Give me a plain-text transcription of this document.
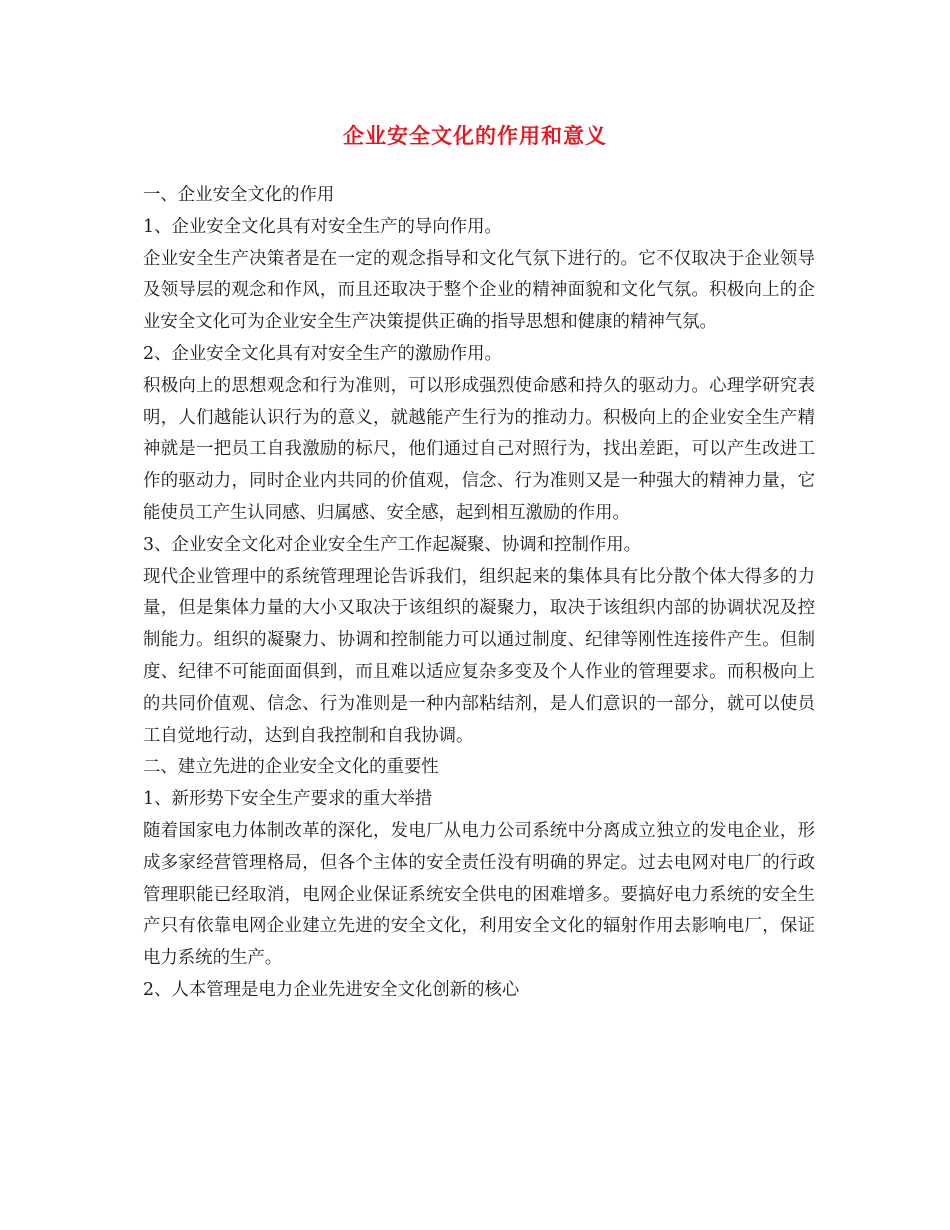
企业安全文化的作用和意义

一、企业安全文化的作用

1、企业安全文化具有对安全生产的导向作用。

企业安全生产决策者是在一定的观念指导和文化气氛下进行的。它不仅取决于企业领导及领导层的观念和作风，而且还取决于整个企业的精神面貌和文化气氛。积极向上的企业安全文化可为企业安全生产决策提供正确的指导思想和健康的精神气氛。

2、企业安全文化具有对安全生产的激励作用。

积极向上的思想观念和行为准则，可以形成强烈使命感和持久的驱动力。心理学研究表明，人们越能认识行为的意义，就越能产生行为的推动力。积极向上的企业安全生产精神就是一把员工自我激励的标尺，他们通过自己对照行为，找出差距，可以产生改进工作的驱动力，同时企业内共同的价值观，信念、行为准则又是一种强大的精神力量，它能使员工产生认同感、归属感、安全感，起到相互激励的作用。

3、企业安全文化对企业安全生产工作起凝聚、协调和控制作用。

现代企业管理中的系统管理理论告诉我们，组织起来的集体具有比分散个体大得多的力量，但是集体力量的大小又取决于该组织的凝聚力，取决于该组织内部的协调状况及控制能力。组织的凝聚力、协调和控制能力可以通过制度、纪律等刚性连接件产生。但制度、纪律不可能面面俱到，而且难以适应复杂多变及个人作业的管理要求。而积极向上的共同价值观、信念、行为准则是一种内部粘结剂，是人们意识的一部分，就可以使员工自觉地行动，达到自我控制和自我协调。

二、建立先进的企业安全文化的重要性

1、新形势下安全生产要求的重大举措

随着国家电力体制改革的深化，发电厂从电力公司系统中分离成立独立的发电企业，形成多家经营管理格局，但各个主体的安全责任没有明确的界定。过去电网对电厂的行政管理职能已经取消，电网企业保证系统安全供电的困难增多。要搞好电力系统的安全生产只有依靠电网企业建立先进的安全文化，利用安全文化的辐射作用去影响电厂，保证电力系统的生产。

2、人本管理是电力企业先进安全文化创新的核心
